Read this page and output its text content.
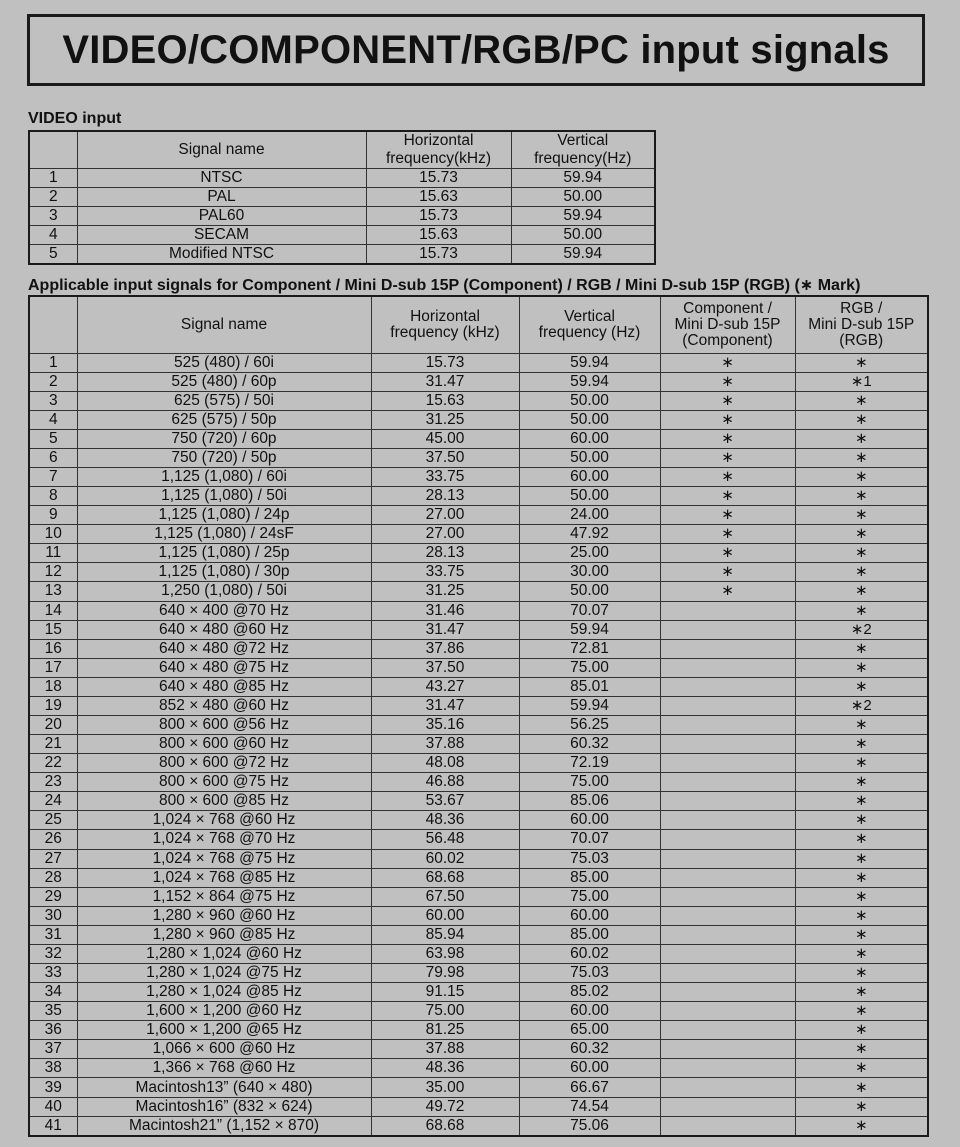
VIDEO/COMPONENT/RGB/PC input signals
VIDEO input
	Signal name	Horizontal
frequency(kHz)	Vertical
frequency(Hz)
1	NTSC	15.73	59.94
2	PAL	15.63	50.00
3	PAL60	15.73	59.94
4	SECAM	15.63	50.00
5	Modified NTSC	15.73	59.94
Applicable input signals for Component / Mini D-sub 15P (Component) / RGB / Mini D-sub 15P (RGB) (∗ Mark)
	Signal name	Horizontal
frequency (kHz)	Vertical
frequency (Hz)	Component /
Mini D-sub 15P
(Component)	RGB /
Mini D-sub 15P
(RGB)
1	525 (480) / 60i	15.73	59.94	∗	∗
2	525 (480) / 60p	31.47	59.94	∗	∗1
3	625 (575) / 50i	15.63	50.00	∗	∗
4	625 (575) / 50p	31.25	50.00	∗	∗
5	750 (720) / 60p	45.00	60.00	∗	∗
6	750 (720) / 50p	37.50	50.00	∗	∗
7	1,125 (1,080) / 60i	33.75	60.00	∗	∗
8	1,125 (1,080) / 50i	28.13	50.00	∗	∗
9	1,125 (1,080) / 24p	27.00	24.00	∗	∗
10	1,125 (1,080) / 24sF	27.00	47.92	∗	∗
11	1,125 (1,080) / 25p	28.13	25.00	∗	∗
12	1,125 (1,080) / 30p	33.75	30.00	∗	∗
13	1,250 (1,080) / 50i	31.25	50.00	∗	∗
14	640 × 400 @70 Hz	31.46	70.07		∗
15	640 × 480 @60 Hz	31.47	59.94		∗2
16	640 × 480 @72 Hz	37.86	72.81		∗
17	640 × 480 @75 Hz	37.50	75.00		∗
18	640 × 480 @85 Hz	43.27	85.01		∗
19	852 × 480 @60 Hz	31.47	59.94		∗2
20	800 × 600 @56 Hz	35.16	56.25		∗
21	800 × 600 @60 Hz	37.88	60.32		∗
22	800 × 600 @72 Hz	48.08	72.19		∗
23	800 × 600 @75 Hz	46.88	75.00		∗
24	800 × 600 @85 Hz	53.67	85.06		∗
25	1,024 × 768 @60 Hz	48.36	60.00		∗
26	1,024 × 768 @70 Hz	56.48	70.07		∗
27	1,024 × 768 @75 Hz	60.02	75.03		∗
28	1,024 × 768 @85 Hz	68.68	85.00		∗
29	1,152 × 864 @75 Hz	67.50	75.00		∗
30	1,280 × 960 @60 Hz	60.00	60.00		∗
31	1,280 × 960 @85 Hz	85.94	85.00		∗
32	1,280 × 1,024 @60 Hz	63.98	60.02		∗
33	1,280 × 1,024 @75 Hz	79.98	75.03		∗
34	1,280 × 1,024 @85 Hz	91.15	85.02		∗
35	1,600 × 1,200 @60 Hz	75.00	60.00		∗
36	1,600 × 1,200 @65 Hz	81.25	65.00		∗
37	1,066 × 600 @60 Hz	37.88	60.32		∗
38	1,366 × 768 @60 Hz	48.36	60.00		∗
39	Macintosh13” (640 × 480)	35.00	66.67		∗
40	Macintosh16” (832 × 624)	49.72	74.54		∗
41	Macintosh21” (1,152 × 870)	68.68	75.06		∗
